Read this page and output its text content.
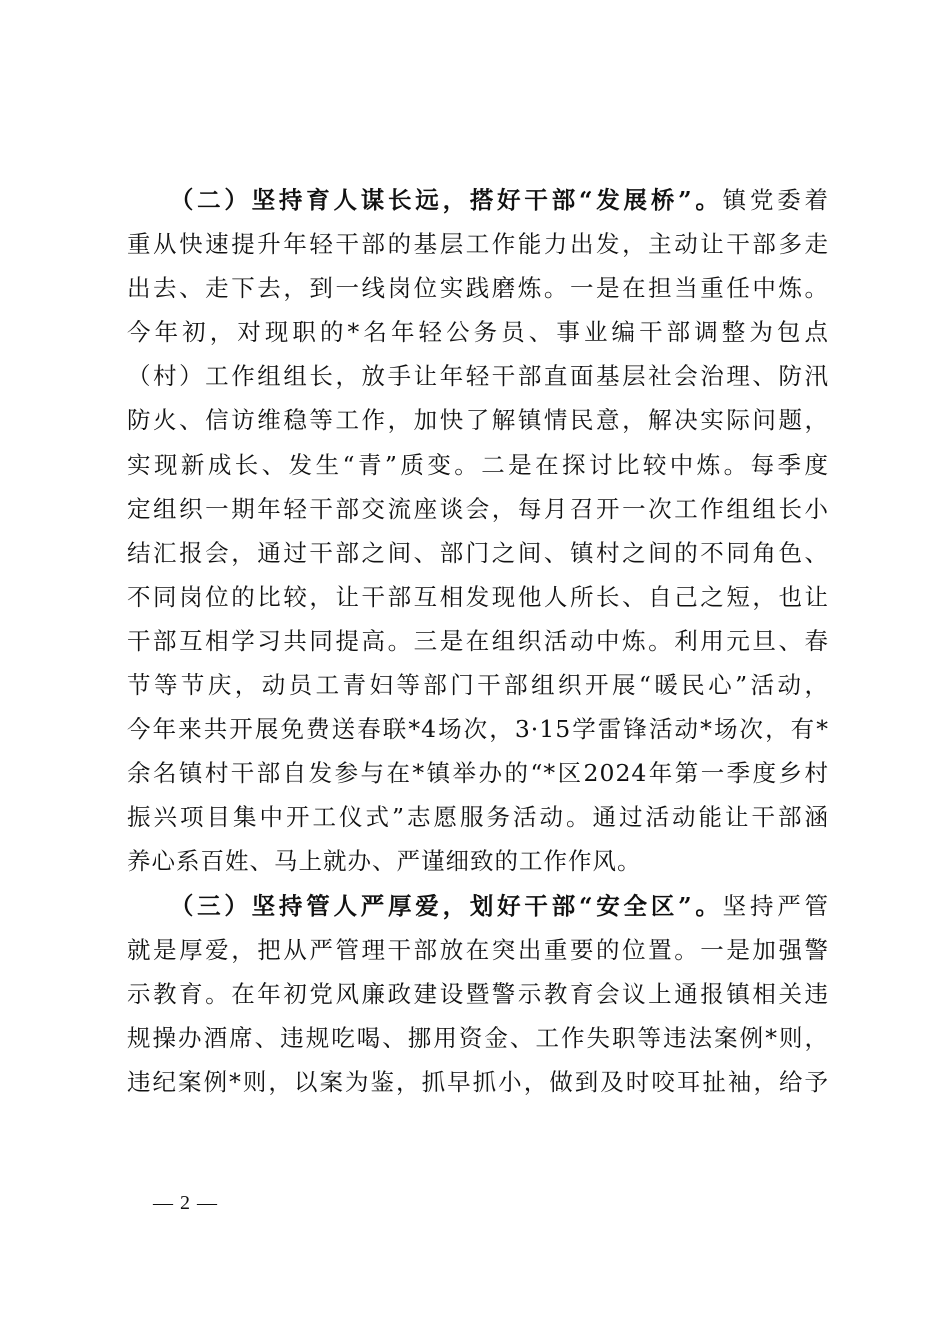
　　（二）坚持育人谋长远，搭好干部“发展桥”。镇党委着
重从快速提升年轻干部的基层工作能力出发，主动让干部多走
出去、走下去，到一线岗位实践磨炼。一是在担当重任中炼。
今年初，对现职的*名年轻公务员、事业编干部调整为包点
（村）工作组组长，放手让年轻干部直面基层社会治理、防汛
防火、信访维稳等工作，加快了解镇情民意，解决实际问题，
实现新成长、发生“青”质变。二是在探讨比较中炼。每季度
定组织一期年轻干部交流座谈会，每月召开一次工作组组长小
结汇报会，通过干部之间、部门之间、镇村之间的不同角色、
不同岗位的比较，让干部互相发现他人所长、自己之短，也让
干部互相学习共同提高。三是在组织活动中炼。利用元旦、春
节等节庆，动员工青妇等部门干部组织开展“暖民心”活动，
今年来共开展免费送春联*4场次，3·15学雷锋活动*场次，有*
余名镇村干部自发参与在*镇举办的“*区2024年第一季度乡村
振兴项目集中开工仪式”志愿服务活动。通过活动能让干部涵
养心系百姓、马上就办、严谨细致的工作作风。
　　（三）坚持管人严厚爱，划好干部“安全区”。坚持严管
就是厚爱，把从严管理干部放在突出重要的位置。一是加强警
示教育。在年初党风廉政建设暨警示教育会议上通报镇相关违
规操办酒席、违规吃喝、挪用资金、工作失职等违法案例*则，
违纪案例*则，以案为鉴，抓早抓小，做到及时咬耳扯袖，给予
— 2 —
